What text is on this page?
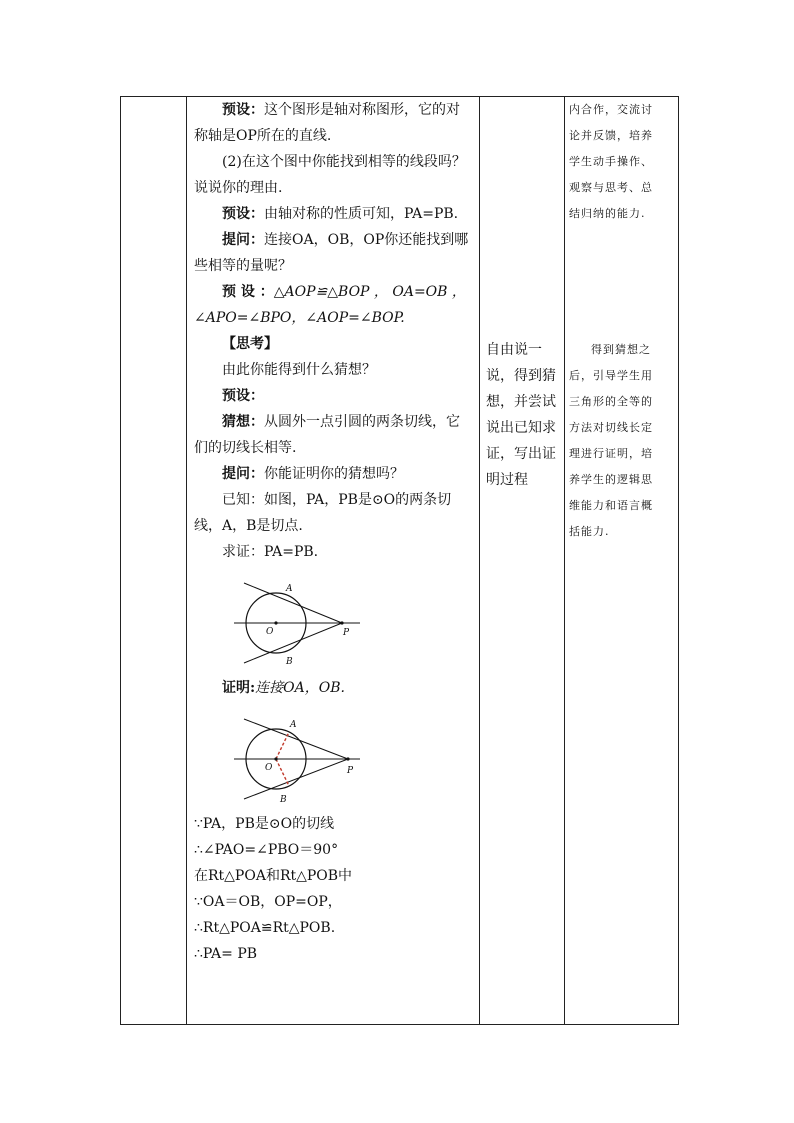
预设：这个图形是轴对称图形，它的对称轴是OP所在的直线.

(2)在这个图中你能找到相等的线段吗？说说你的理由.

预设：由轴对称的性质可知，PA=PB.

提问：连接OA，OB，OP你还能找到哪些相等的量呢？

预 设 ：△AOP≌△BOP ， OA=OB ， ∠APO=∠BPO，∠AOP=∠BOP.

【思考】

由此你能得到什么猜想？

预设：

猜想：从圆外一点引圆的两条切线，它们的切线长相等.

提问：你能证明你的猜想吗？

已知：如图，PA，PB是⊙O的两条切线，A，B是切点.

求证：PA=PB.

A
B
O	P

证明:连接OA，OB.

A
B
O	P

∵PA，PB是⊙O的切线

∴∠PAO=∠PBO＝90°

在Rt△POA和Rt△POB中

∵OA＝OB，OP=OP，

∴Rt△POA≌Rt△POB.

∴PA= PB

自由说一说，得到猜想，并尝试说出已知求证，写出证明过程

内合作，交流讨

论并反馈，培养

学生动手操作、

观察与思考、总

结归纳的能力.

得到猜想之

后，引导学生用

三角形的全等的

方法对切线长定

理进行证明，培

养学生的逻辑思

维能力和语言概

括能力.
